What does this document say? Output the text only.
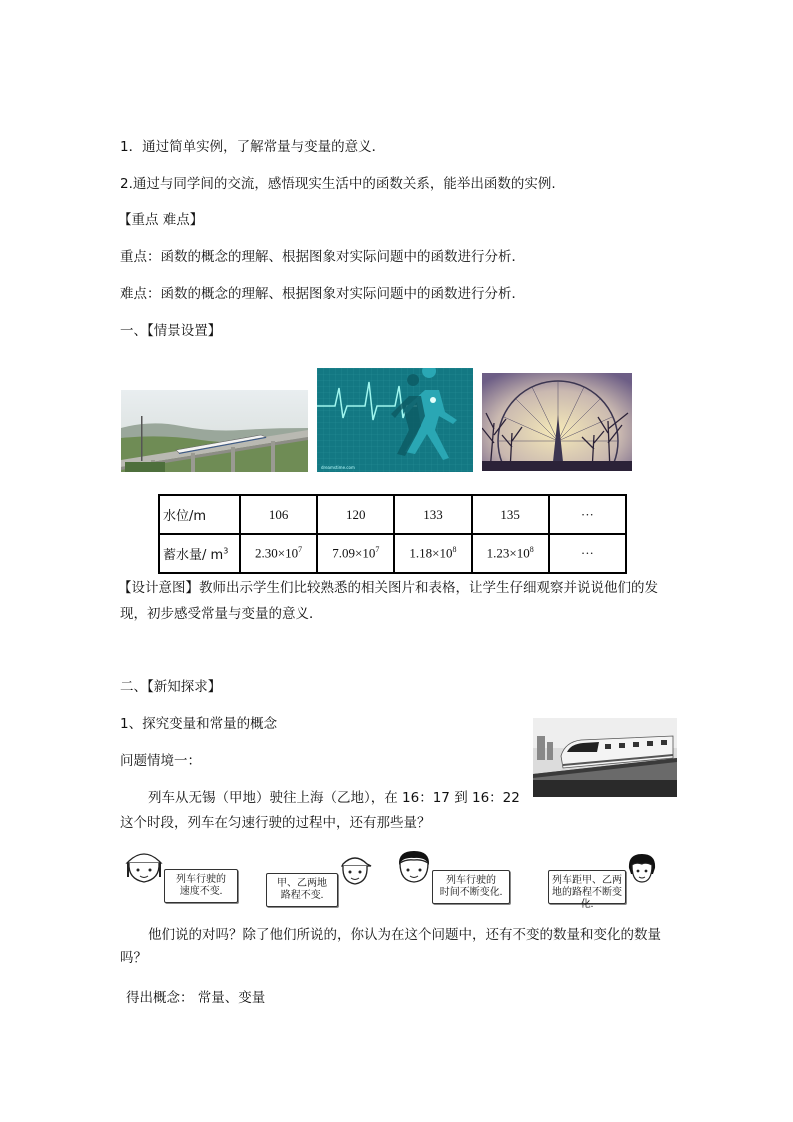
1．通过简单实例，了解常量与变量的意义．
2.通过与同学间的交流，感悟现实生活中的函数关系，能举出函数的实例.
【重点 难点】
重点：函数的概念的理解、根据图象对实际问题中的函数进行分析．
难点：函数的概念的理解、根据图象对实际问题中的函数进行分析．
一、【情景设置】
dreamstime.com
水位/m	106	120	133	135	···
蓄水量/ $m^3$	$2.30\times 10^7$	$7.09\times 10^7$	$1.18\times 10^8$	$1.23\times 10^8$	···
【设计意图】教师出示学生们比较熟悉的相关图片和表格，让学生仔细观察并说说他们的发
现，初步感受常量与变量的意义．
二、【新知探求】
1、探究变量和常量的概念
问题情境一：
列车从无锡（甲地）驶往上海（乙地），在 16：17 到 16：22
这个时段，列车在匀速行驶的过程中，还有那些量？
列车行驶的
速度不变.
甲、乙两地
路程不变.
列车行驶的
时间不断变化.
列车距甲、乙两
地的路程不断变化.
他们说的对吗？除了他们所说的，你认为在这个问题中，还有不变的数量和变化的数量
吗？
得出概念： 常量、变量
